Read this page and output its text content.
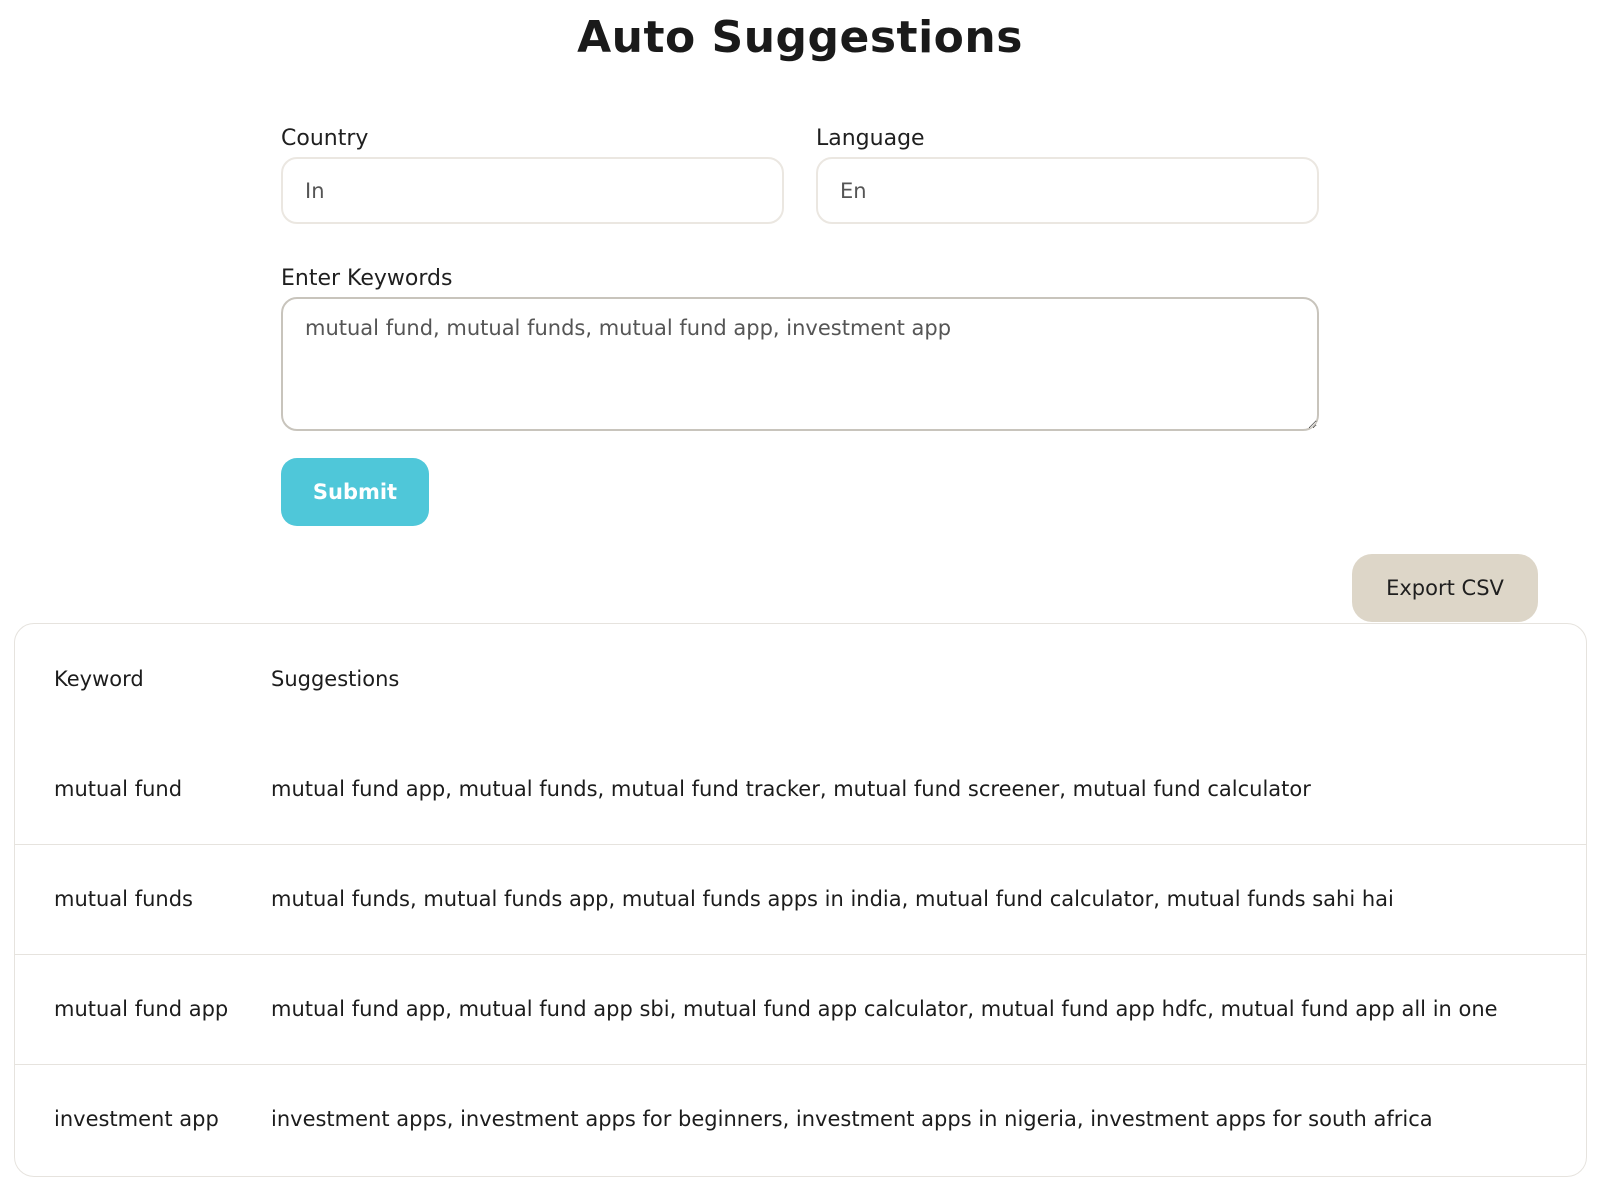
Auto Suggestions
Country
In	Language
En
Enter Keywords
mutual fund, mutual funds, mutual fund app, investment app
Submit
Export CSV
Keyword	Suggestions
mutual fund	mutual fund app, mutual funds, mutual fund tracker, mutual fund screener, mutual fund calculator
mutual funds	mutual funds, mutual funds app, mutual funds apps in india, mutual fund calculator, mutual funds sahi hai
mutual fund app	mutual fund app, mutual fund app sbi, mutual fund app calculator, mutual fund app hdfc, mutual fund app all in one
investment app	investment apps, investment apps for beginners, investment apps in nigeria, investment apps for south africa
